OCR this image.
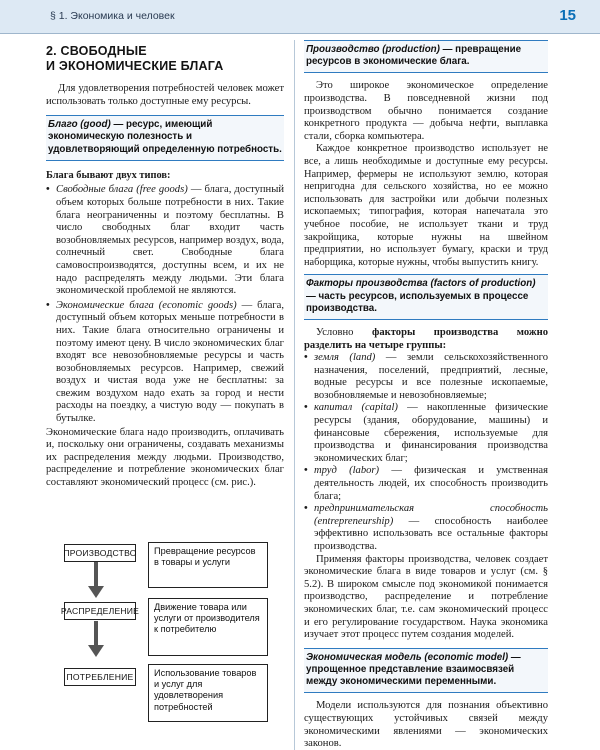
§ 1. Экономика и человек	15
2. СВОБОДНЫЕ
И ЭКОНОМИЧЕСКИЕ БЛАГА

Для удовлетворения потребностей человек может использовать только доступные ему ресурсы.

Благо (good) — ресурс, имеющий экономическую полезность и удовлетворяющий определенную потребность.

Блага бывают двух типов:

• Свободные блага (free goods) — блага, доступный объем которых больше потребности в них. Такие блага неограниченны и поэтому бесплатны. В число свободных благ входит часть возобновляемых ресурсов, например воздух, вода, солнечный свет. Свободные блага самовоспроизводятся, доступны всем, и их не надо распределять между людьми. Эти блага экономической проблемой не являются.
• Экономические блага (economic goods) — блага, доступный объем которых меньше потребности в них. Такие блага относительно ограничены и поэтому имеют цену. В число экономических благ входят все невозобновляемые ресурсы и часть возобновляемых ресурсов. Например, свежий воздух и чистая вода уже не бесплатны: за свежим воздухом надо ехать за город и нести расходы на поездку, а чистую воду — покупать в бутылке.

Экономические блага надо производить, оплачивать и, поскольку они ограничены, создавать механизмы их распределения между людьми. Производство, распределение и потребление экономических благ составляют экономический процесс (см. рис.).

ПРОИЗВОДСТВО	Превращение ресурсов в товары и услуги
РАСПРЕДЕЛЕНИЕ	Движение товара или услуги от производителя к потребителю
ПОТРЕБЛЕНИЕ	Использование товаров и услуг для удовлетворения потребностей
Производство (production) — превращение ресурсов в экономические блага.

Это широкое экономическое определение производства. В повседневной жизни под производством обычно понимается создание конкретного продукта — добыча нефти, выплавка стали, сборка компьютера.

Каждое конкретное производство использует не все, а лишь необходимые и доступные ему ресурсы. Например, фермеры не используют землю, которая непригодна для сельского хозяйства, но ее можно использовать для застройки или добычи полезных ископаемых; типография, которая напечатала это учебное пособие, не использует ткани и труд закройщика, которые нужны на швейном предприятии, но использует бумагу, краски и труд наборщика, которые нужны, чтобы выпустить книгу.

Факторы производства (factors of production) — часть ресурсов, используемых в процессе производства.

Условно факторы производства можно разделить на четыре группы:

• земля (land) — земли сельскохозяйственного назначения, поселений, предприятий, лесные, водные ресурсы и все полезные ископаемые, возобновляемые и невозобновляемые;
• капитал (capital) — накопленные физические ресурсы (здания, оборудование, машины) и финансовые сбережения, используемые для производства и финансирования производства экономических благ;
• труд (labor) — физическая и умственная деятельность людей, их способность производить блага;
• предпринимательская способность (entrepreneurship) — способность наиболее эффективно использовать все остальные факторы производства.

Применяя факторы производства, человек создает экономические блага в виде товаров и услуг (см. § 5.2). В широком смысле под экономикой понимается производство, распределение и потребление экономических благ, т.е. сам экономический процесс и его регулирование государством. Наука экономика изучает этот процесс путем создания моделей.

Экономическая модель (economic model) — упрощенное представление взаимосвязей между экономическими переменными.

Модели используются для познания объективно существующих устойчивых связей между экономическими явлениями — экономических законов.
